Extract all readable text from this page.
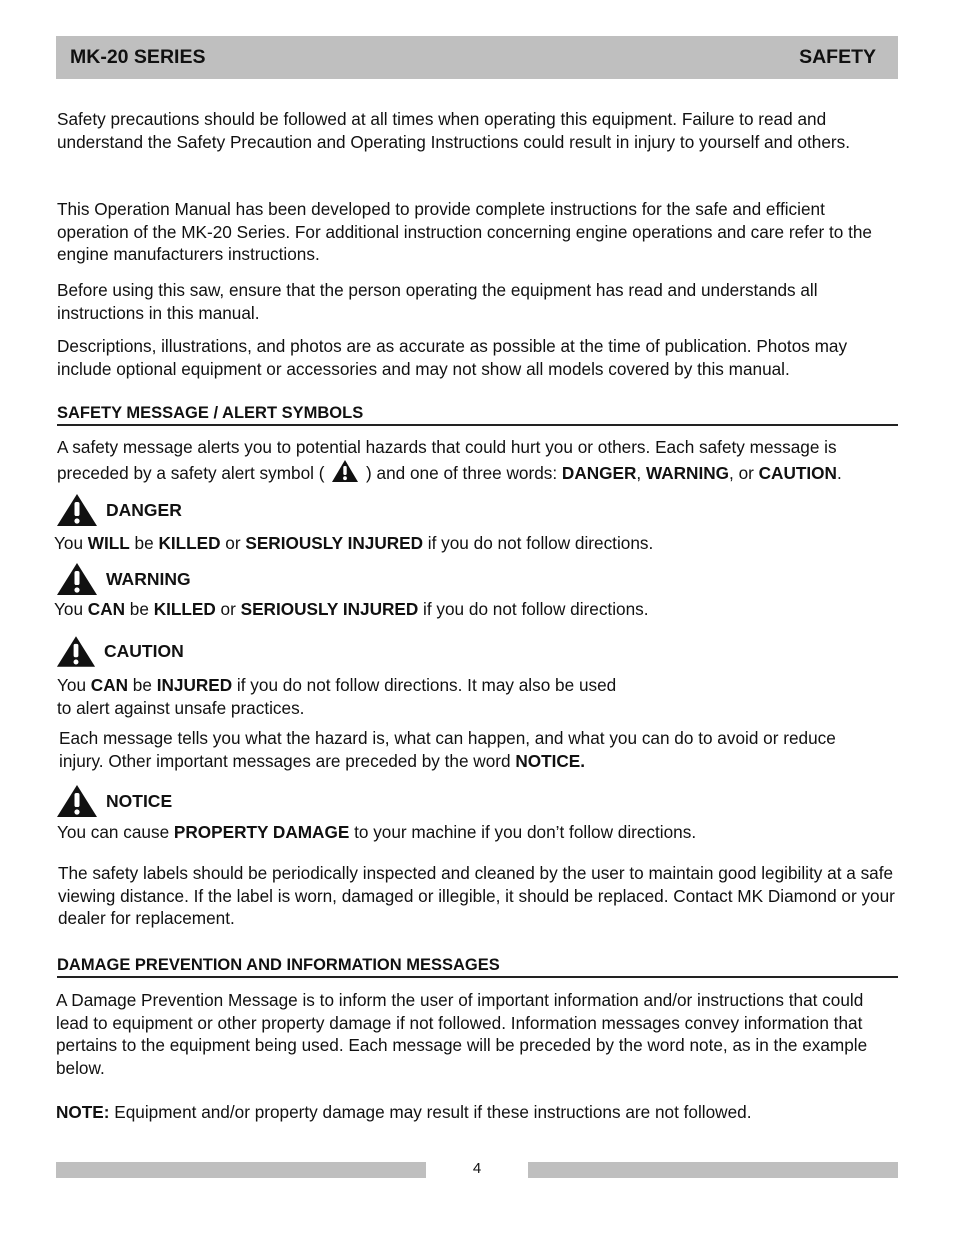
MK-20 SERIES	SAFETY

Safety precautions should be followed at all times when operating this equipment. Failure to read and understand the Safety Precaution and Operating Instructions could result in injury to yourself and others.

This Operation Manual has been developed to provide complete instructions for the safe and efficient operation of the MK-20 Series. For additional instruction concerning engine operations and care refer to the engine manufacturers instructions.

Before using this saw, ensure that the person operating the equipment has read and understands all instructions in this manual.

Descriptions, illustrations, and photos are as accurate as possible at the time of publication. Photos may include optional equipment or accessories and may not show all models covered by this manual.

SAFETY MESSAGE / ALERT SYMBOLS

A safety message alerts you to potential hazards that could hurt you or others. Each safety message is preceded by a safety alert symbol (  ) and one of three words: DANGER, WARNING, or CAUTION.

DANGER

You WILL be KILLED or SERIOUSLY INJURED if you do not follow directions.

WARNING

You CAN be KILLED or SERIOUSLY INJURED if you do not follow directions.

CAUTION

You CAN be INJURED if you do not follow directions. It may also be used
to alert against unsafe practices.

Each message tells you what the hazard is, what can happen, and what you can do to avoid or reduce injury. Other important messages are preceded by the word NOTICE.

NOTICE

You can cause PROPERTY DAMAGE to your machine if you don’t follow directions.

The safety labels should be periodically inspected and cleaned by the user to maintain good legibility at a safe viewing distance. If the label is worn, damaged or illegible, it should be replaced. Contact MK Diamond or your dealer for replacement.

DAMAGE PREVENTION AND INFORMATION MESSAGES

A Damage Prevention Message is to inform the user of important information and/or instructions that could lead to equipment or other property damage if not followed. Information messages convey information that pertains to the equipment being used. Each message will be preceded by the word note, as in the example below.

NOTE: Equipment and/or property damage may result if these instructions are not followed.

4
